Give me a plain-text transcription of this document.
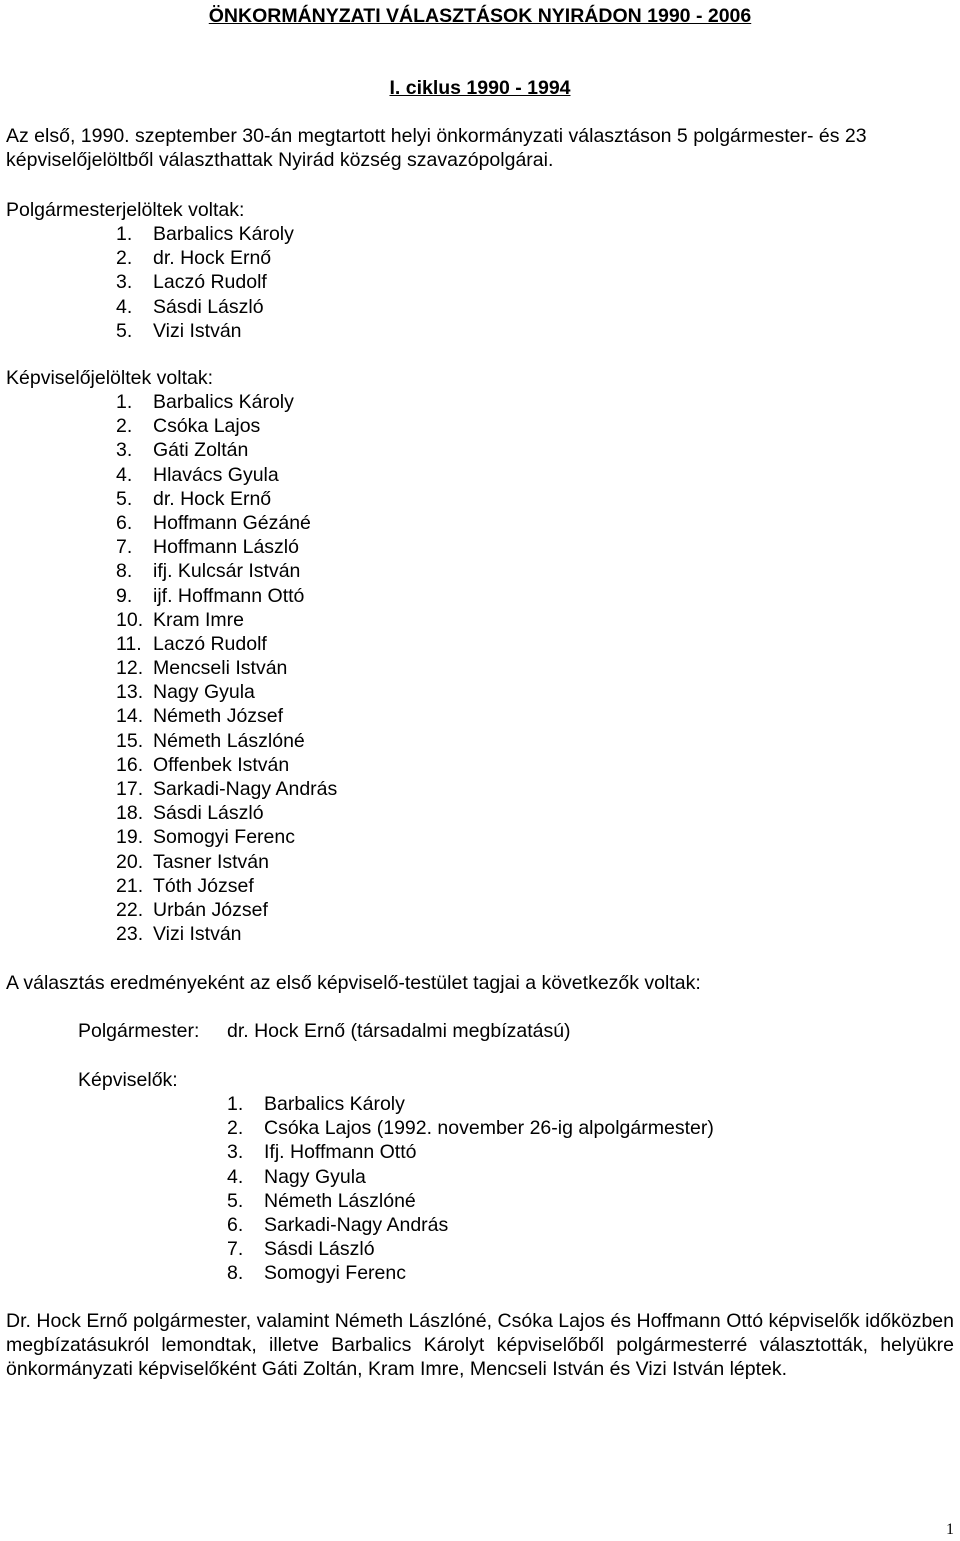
ÖNKORMÁNYZATI VÁLASZTÁSOK NYIRÁDON 1990 - 2006
I. ciklus 1990 - 1994
Az első, 1990. szeptember 30-án megtartott helyi önkormányzati választáson 5 polgármester- és 23 képviselőjelöltből választhattak Nyirád község szavazópolgárai.
Polgármesterjelöltek voltak:
1. Barbalics Károly
2. dr. Hock Ernő
3. Laczó Rudolf
4. Sásdi László
5. Vizi István
Képviselőjelöltek voltak:
1. Barbalics Károly
2. Csóka Lajos
3. Gáti Zoltán
4. Hlavács Gyula
5. dr. Hock Ernő
6. Hoffmann Gézáné
7. Hoffmann László
8. ifj. Kulcsár István
9. ijf. Hoffmann Ottó
10. Kram Imre
11. Laczó Rudolf
12. Mencseli István
13. Nagy Gyula
14. Németh József
15. Németh Lászlóné
16. Offenbek István
17. Sarkadi-Nagy András
18. Sásdi László
19. Somogyi Ferenc
20. Tasner István
21. Tóth József
22. Urbán József
23. Vizi István
A választás eredményeként az első képviselő-testület tagjai a következők voltak:
Polgármester: dr. Hock Ernő (társadalmi megbízatású)
Képviselők:
1. Barbalics Károly
2. Csóka Lajos (1992. november 26-ig alpolgármester)
3. Ifj. Hoffmann Ottó
4. Nagy Gyula
5. Németh Lászlóné
6. Sarkadi-Nagy András
7. Sásdi László
8. Somogyi Ferenc
Dr. Hock Ernő polgármester, valamint Németh Lászlóné, Csóka Lajos és Hoffmann Ottó képviselők időközben megbízatásukról lemondtak, illetve Barbalics Károlyt képviselőből polgármesterré választották, helyükre önkormányzati képviselőként Gáti Zoltán, Kram Imre, Mencseli István és Vizi István léptek.
1
